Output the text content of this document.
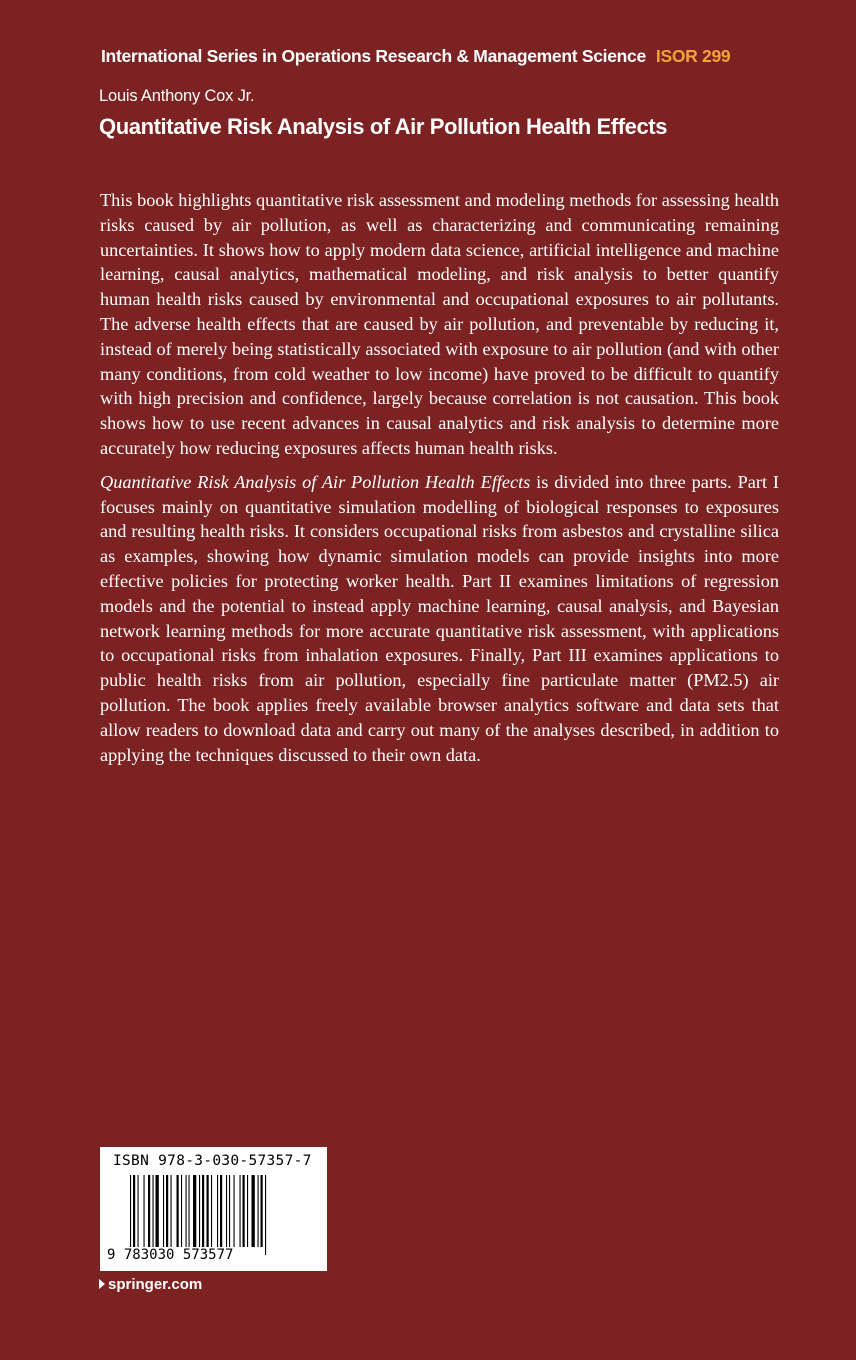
International Series in Operations Research & Management Science ISOR 299
Louis Anthony Cox Jr.
Quantitative Risk Analysis of Air Pollution Health Effects

This book highlights quantitative risk assessment and modeling methods for assessing health risks caused by air pollution, as well as characterizing and communicating remaining uncertainties. It shows how to apply modern data science, artificial intelligence and machine learning, causal analytics, mathematical modeling, and risk analysis to better quantify human health risks caused by environmental and occupational exposures to air pollutants. The adverse health effects that are caused by air pollution, and preventable by reducing it, instead of merely being statistically associated with exposure to air pollution (and with other many conditions, from cold weather to low income) have proved to be difficult to quantify with high precision and confidence, largely because correlation is not causation. This book shows how to use recent advances in causal analytics and risk analysis to determine more accurately how reducing exposures affects human health risks.

Quantitative Risk Analysis of Air Pollution Health Effects is divided into three parts. Part I focuses mainly on quantitative simulation modelling of biological responses to exposures and resulting health risks. It considers occupational risks from asbestos and crystalline silica as examples, showing how dynamic simulation models can provide insights into more effective policies for protecting worker health. Part II examines limitations of regression models and the potential to instead apply machine learning, causal analysis, and Bayesian network learning methods for more accurate quantitative risk assessment, with applications to occupational risks from inhalation exposures. Finally, Part III examines applications to public health risks from air pollution, especially fine particulate matter (PM2.5) air pollution. The book applies freely available browser analytics software and data sets that allow readers to download data and carry out many of the analyses described, in addition to applying the techniques discussed to their own data.

ISBN 978-3-030-57357-7
9 783030 573577
springer.com
